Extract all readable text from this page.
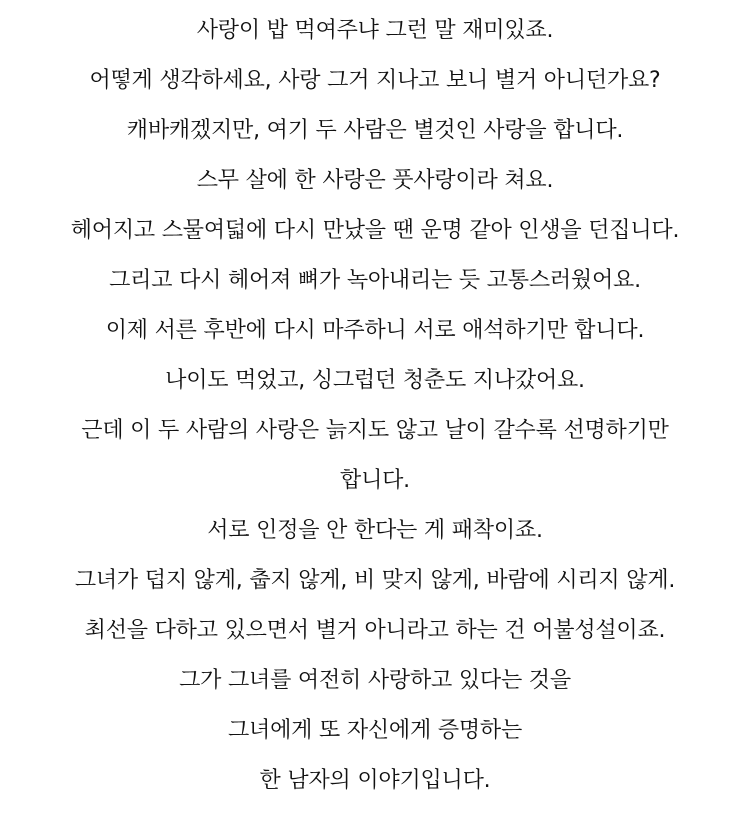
사랑이 밥 먹여주냐 그런 말 재미있죠.
어떻게 생각하세요, 사랑 그거 지나고 보니 별거 아니던가요?
캐바캐겠지만, 여기 두 사람은 별것인 사랑을 합니다.
스무 살에 한 사랑은 풋사랑이라 쳐요.
헤어지고 스물여덟에 다시 만났을 땐 운명 같아 인생을 던집니다.
그리고 다시 헤어져 뼈가 녹아내리는 듯 고통스러웠어요.
이제 서른 후반에 다시 마주하니 서로 애석하기만 합니다.
나이도 먹었고, 싱그럽던 청춘도 지나갔어요.
근데 이 두 사람의 사랑은 늙지도 않고 날이 갈수록 선명하기만
합니다.
서로 인정을 안 한다는 게 패착이죠.
그녀가 덥지 않게, 춥지 않게, 비 맞지 않게, 바람에 시리지 않게.
최선을 다하고 있으면서 별거 아니라고 하는 건 어불성설이죠.
그가 그녀를 여전히 사랑하고 있다는 것을
그녀에게 또 자신에게 증명하는
한 남자의 이야기입니다.
